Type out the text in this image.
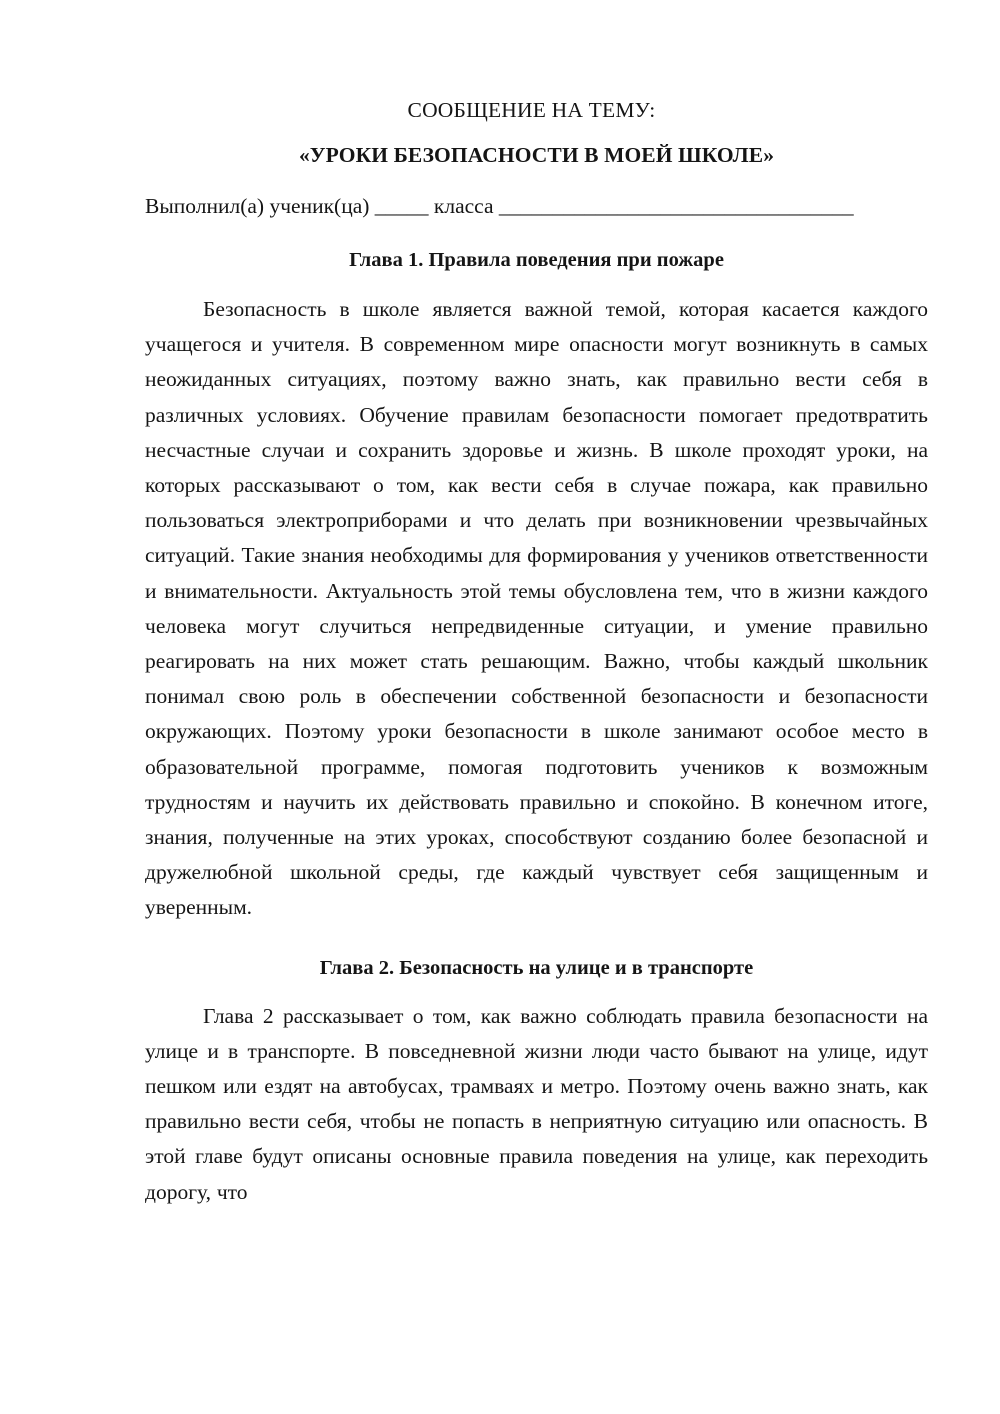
СООБЩЕНИЕ НА ТЕМУ:

«УРОКИ БЕЗОПАСНОСТИ В МОЕЙ ШКОЛЕ»

Выполнил(а) ученик(ца) _____ класса _________________________________
Глава 1. Правила поведения при пожаре

Безопасность в школе является важной темой, которая касается каждого учащегося и учителя. В современном мире опасности могут возникнуть в самых неожиданных ситуациях, поэтому важно знать, как правильно вести себя в различных условиях. Обучение правилам безопасности помогает предотвратить несчастные случаи и сохранить здоровье и жизнь. В школе проходят уроки, на которых рассказывают о том, как вести себя в случае пожара, как правильно пользоваться электроприборами и что делать при возникновении чрезвычайных ситуаций. Такие знания необходимы для формирования у учеников ответственности и внимательности. Актуальность этой темы обусловлена тем, что в жизни каждого человека могут случиться непредвиденные ситуации, и умение правильно реагировать на них может стать решающим. Важно, чтобы каждый школьник понимал свою роль в обеспечении собственной безопасности и безопасности окружающих. Поэтому уроки безопасности в школе занимают особое место в образовательной программе, помогая подготовить учеников к возможным трудностям и научить их действовать правильно и спокойно. В конечном итоге, знания, полученные на этих уроках, способствуют созданию более безопасной и дружелюбной школьной среды, где каждый чувствует себя защищенным и уверенным.

Глава 2. Безопасность на улице и в транспорте

Глава 2 рассказывает о том, как важно соблюдать правила безопасности на улице и в транспорте. В повседневной жизни люди часто бывают на улице, идут пешком или ездят на автобусах, трамваях и метро. Поэтому очень важно знать, как правильно вести себя, чтобы не попасть в неприятную ситуацию или опасность. В этой главе будут описаны основные правила поведения на улице, как переходить дорогу, что
